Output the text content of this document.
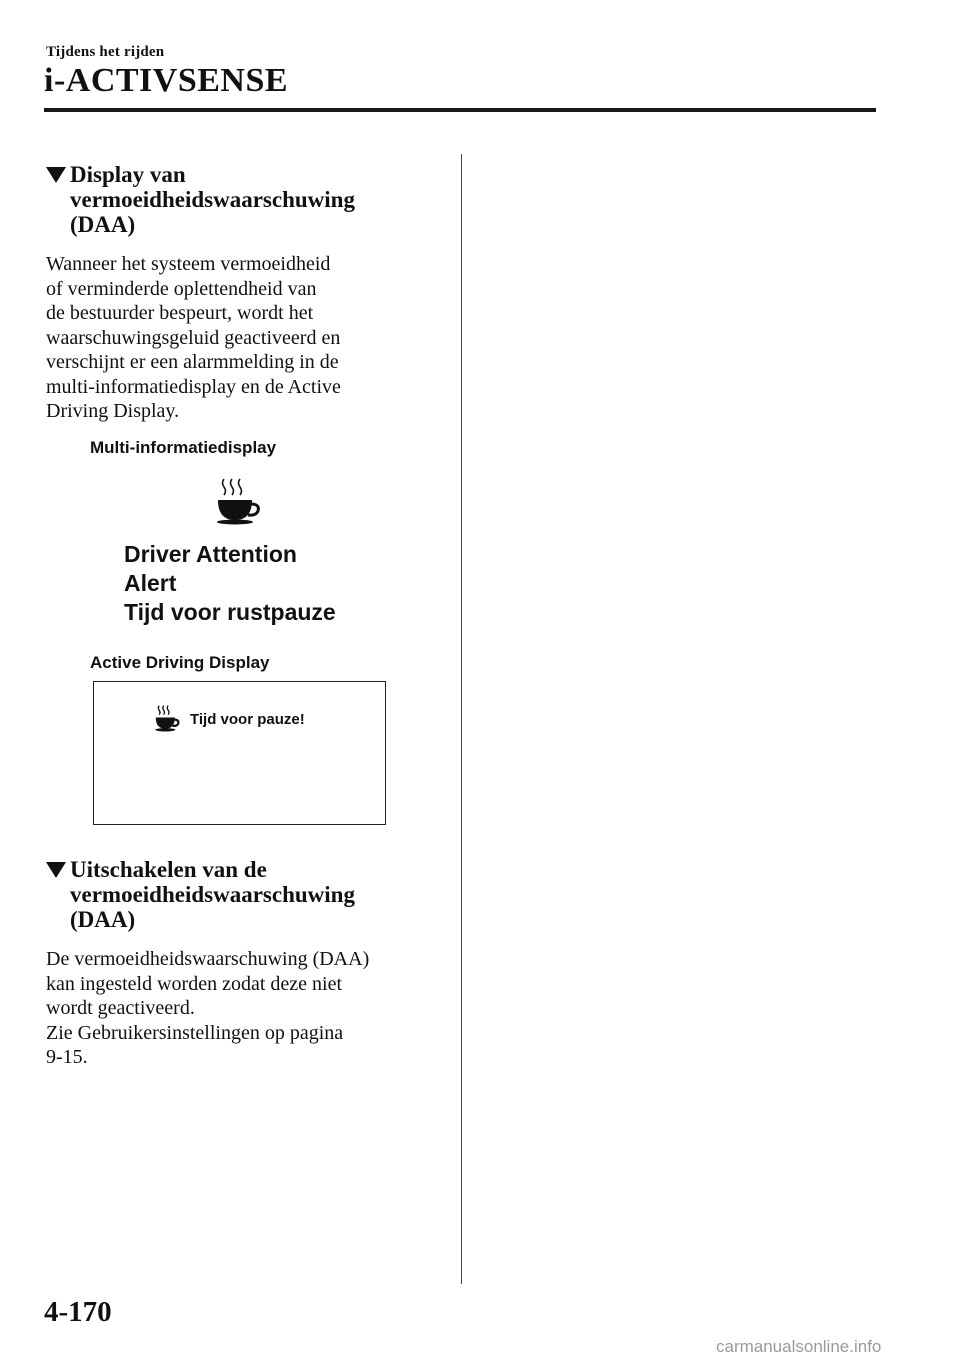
Tijdens het rijden
i-ACTIVSENSE
Display van
vermoeidheidswaarschuwing
(DAA)
Wanneer het systeem vermoeidheid
of verminderde oplettendheid van
de bestuurder bespeurt, wordt het
waarschuwingsgeluid geactiveerd en
verschijnt er een alarmmelding in de
multi-informatiedisplay en de Active
Driving Display.
Multi-informatiedisplay
Driver Attention
Alert
Tijd voor rustpauze
Active Driving Display
Tijd voor pauze!
Uitschakelen van de
vermoeidheidswaarschuwing
(DAA)
De vermoeidheidswaarschuwing (DAA)
kan ingesteld worden zodat deze niet
wordt geactiveerd.
Zie Gebruikersinstellingen op pagina
9-15.
4-170
carmanualsonline.info
